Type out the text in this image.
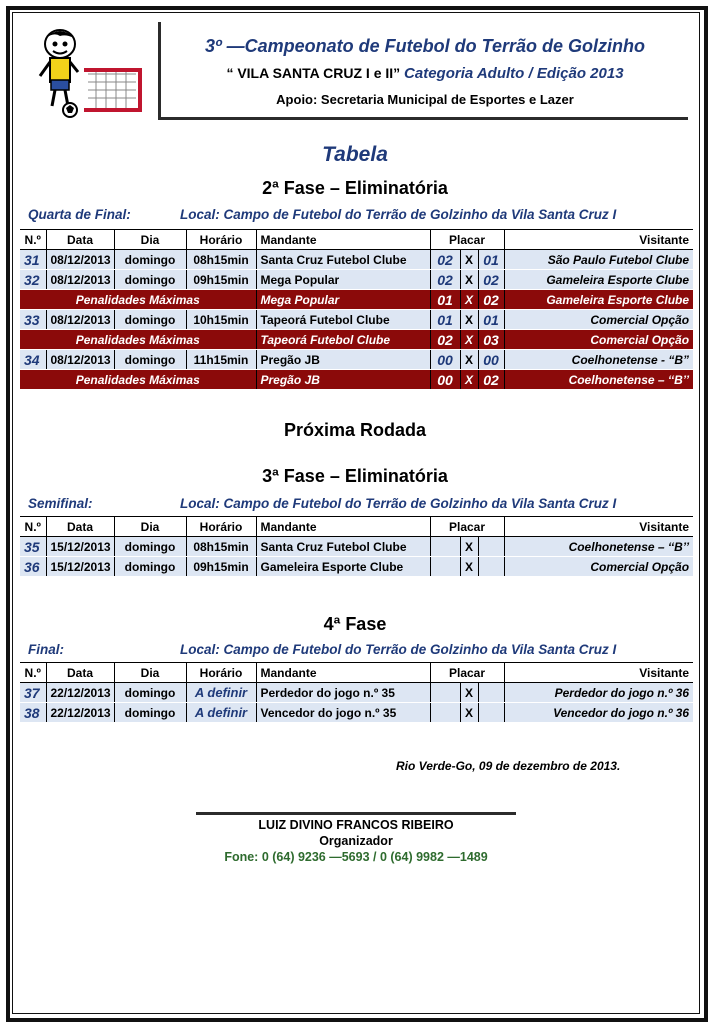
3º —Campeonato de Futebol do Terrão de Golzinho
“ VILA SANTA CRUZ I e II” Categoria Adulto / Edição 2013
Apoio: Secretaria Municipal de Esportes e Lazer
Tabela
2ª Fase – Eliminatória
Quarta de Final:	Local: Campo de Futebol do Terrão de Golzinho da Vila Santa Cruz I
N.º	Data	Dia	Horário	Mandante	Placar			Visitante
31	08/12/2013	domingo	08h15min	Santa Cruz Futebol Clube	02	X	01	São Paulo Futebol Clube
32	08/12/2013	domingo	09h15min	Mega Popular	02	X	02	Gameleira Esporte Clube
Penalidades Máximas				Mega Popular	01	X	02	Gameleira Esporte Clube
33	08/12/2013	domingo	10h15min	Tapeorá Futebol Clube	01	X	01	Comercial Opção
Penalidades Máximas				Tapeorá Futebol Clube	02	X	03	Comercial Opção
34	08/12/2013	domingo	11h15min	Pregão JB	00	X	00	Coelhonetense - “B”
Penalidades Máximas				Pregão JB	00	X	02	Coelhonetense – ‘‘B’’
Próxima Rodada
3ª Fase – Eliminatória
Semifinal:	Local: Campo de Futebol do Terrão de Golzinho da Vila Santa Cruz I
N.º	Data	Dia	Horário	Mandante	Placar			Visitante
35	15/12/2013	domingo	08h15min	Santa Cruz Futebol Clube		X		Coelhonetense – ‘‘B’’
36	15/12/2013	domingo	09h15min	Gameleira Esporte Clube		X		Comercial Opção
4ª Fase
Final:	Local: Campo de Futebol do Terrão de Golzinho da Vila Santa Cruz I
N.º	Data	Dia	Horário	Mandante	Placar			Visitante
37	22/12/2013	domingo	A definir	Perdedor do jogo n.º 35		X		Perdedor do jogo n.º 36
38	22/12/2013	domingo	A definir	Vencedor do jogo n.º 35		X		Vencedor do jogo n.º 36
Rio Verde-Go, 09 de dezembro de 2013.
LUIZ DIVINO FRANCOS RIBEIRO
Organizador
Fone: 0 (64) 9236 —5693 / 0 (64) 9982 —1489
